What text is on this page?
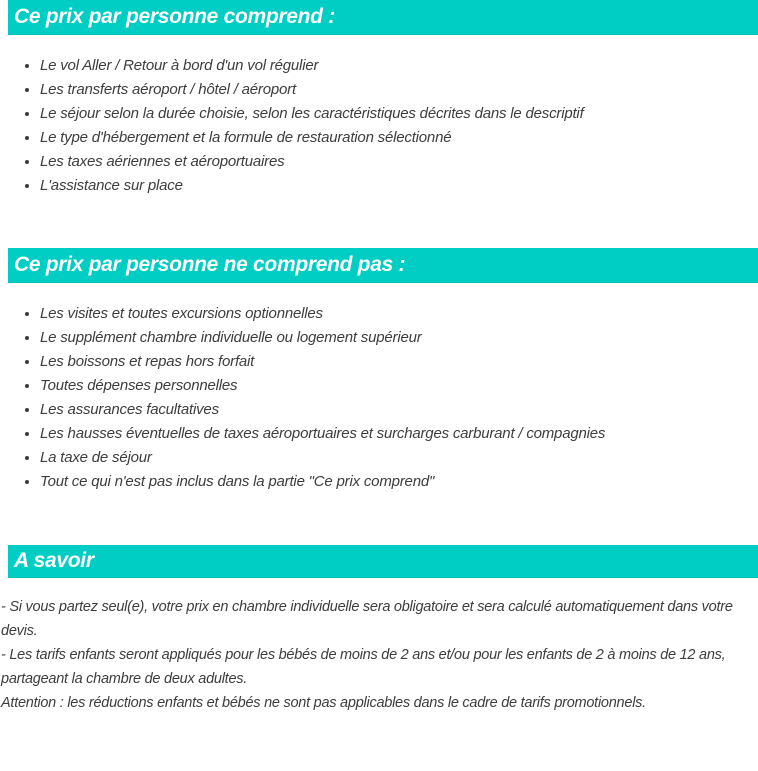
Ce prix par personne comprend :
• Le vol Aller / Retour à bord d'un vol régulier
• Les transferts aéroport / hôtel / aéroport
• Le séjour selon la durée choisie, selon les caractéristiques décrites dans le descriptif
• Le type d'hébergement et la formule de restauration sélectionné
• Les taxes aériennes et aéroportuaires
• L'assistance sur place
Ce prix par personne ne comprend pas :
• Les visites et toutes excursions optionnelles
• Le supplément chambre individuelle ou logement supérieur
• Les boissons et repas hors forfait
• Toutes dépenses personnelles
• Les assurances facultatives
• Les hausses éventuelles de taxes aéroportuaires et surcharges carburant / compagnies
• La taxe de séjour
• Tout ce qui n'est pas inclus dans la partie "Ce prix comprend"
A savoir

- Si vous partez seul(e), votre prix en chambre individuelle sera obligatoire et sera calculé automatiquement dans votre devis.

- Les tarifs enfants seront appliqués pour les bébés de moins de 2 ans et/ou pour les enfants de 2 à moins de 12 ans, partageant la chambre de deux adultes.

Attention : les réductions enfants et bébés ne sont pas applicables dans le cadre de tarifs promotionnels.
